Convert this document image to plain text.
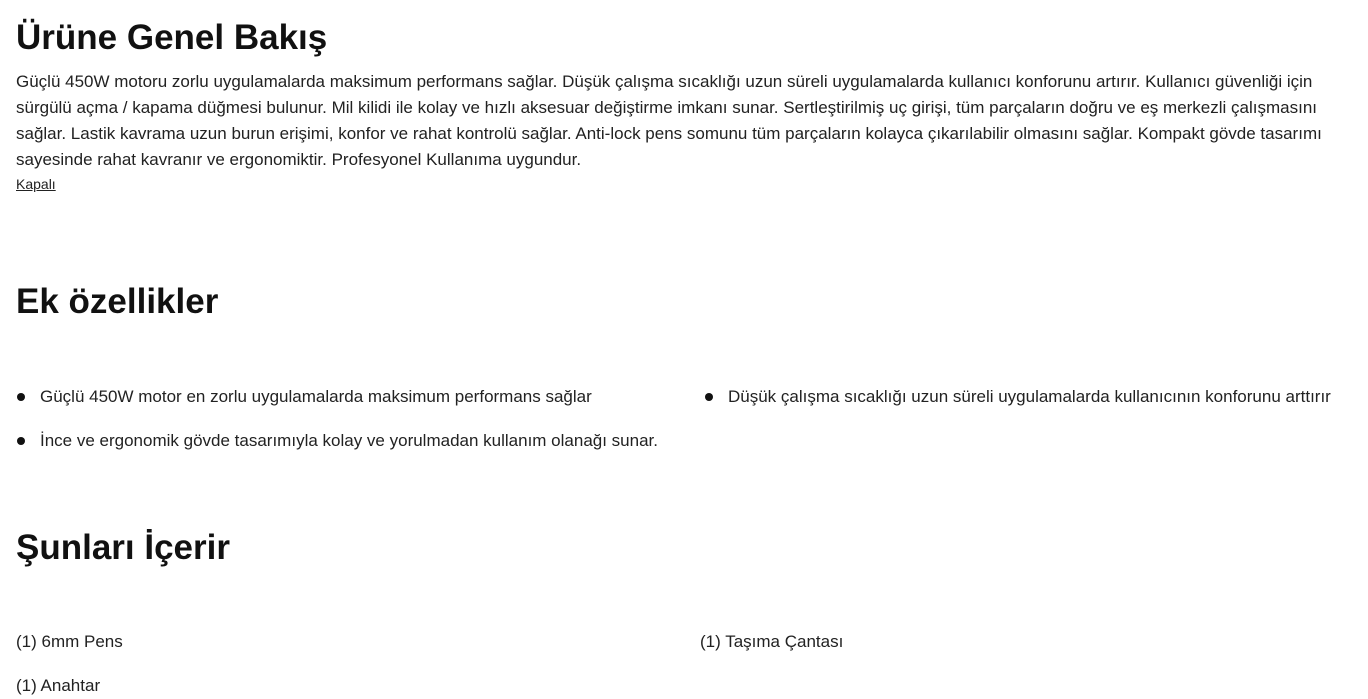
Ürüne Genel Bakış

Güçlü 450W motoru zorlu uygulamalarda maksimum performans sağlar. Düşük çalışma sıcaklığı uzun süreli uygulamalarda kullanıcı konforunu artırır. Kullanıcı güvenliği için sürgülü açma / kapama düğmesi bulunur. Mil kilidi ile kolay ve hızlı aksesuar değiştirme imkanı sunar. Sertleştirilmiş uç girişi, tüm parçaların doğru ve eş merkezli çalışmasını sağlar. Lastik kavrama uzun burun erişimi, konfor ve rahat kontrolü sağlar. Anti-lock pens somunu tüm parçaların kolayca çıkarılabilir olmasını sağlar. Kompakt gövde tasarımı sayesinde rahat kavranır ve ergonomiktir. Profesyonel Kullanıma uygundur.

Kapalı
Ek özellikler
Güçlü 450W motor en zorlu uygulamalarda maksimum performans sağlar
İnce ve ergonomik gövde tasarımıyla kolay ve yorulmadan kullanım olanağı sunar.
Düşük çalışma sıcaklığı uzun süreli uygulamalarda kullanıcının konforunu arttırır
Şunları İçerir
(1) 6mm Pens	(1) Taşıma Çantası
(1) Anahtar
